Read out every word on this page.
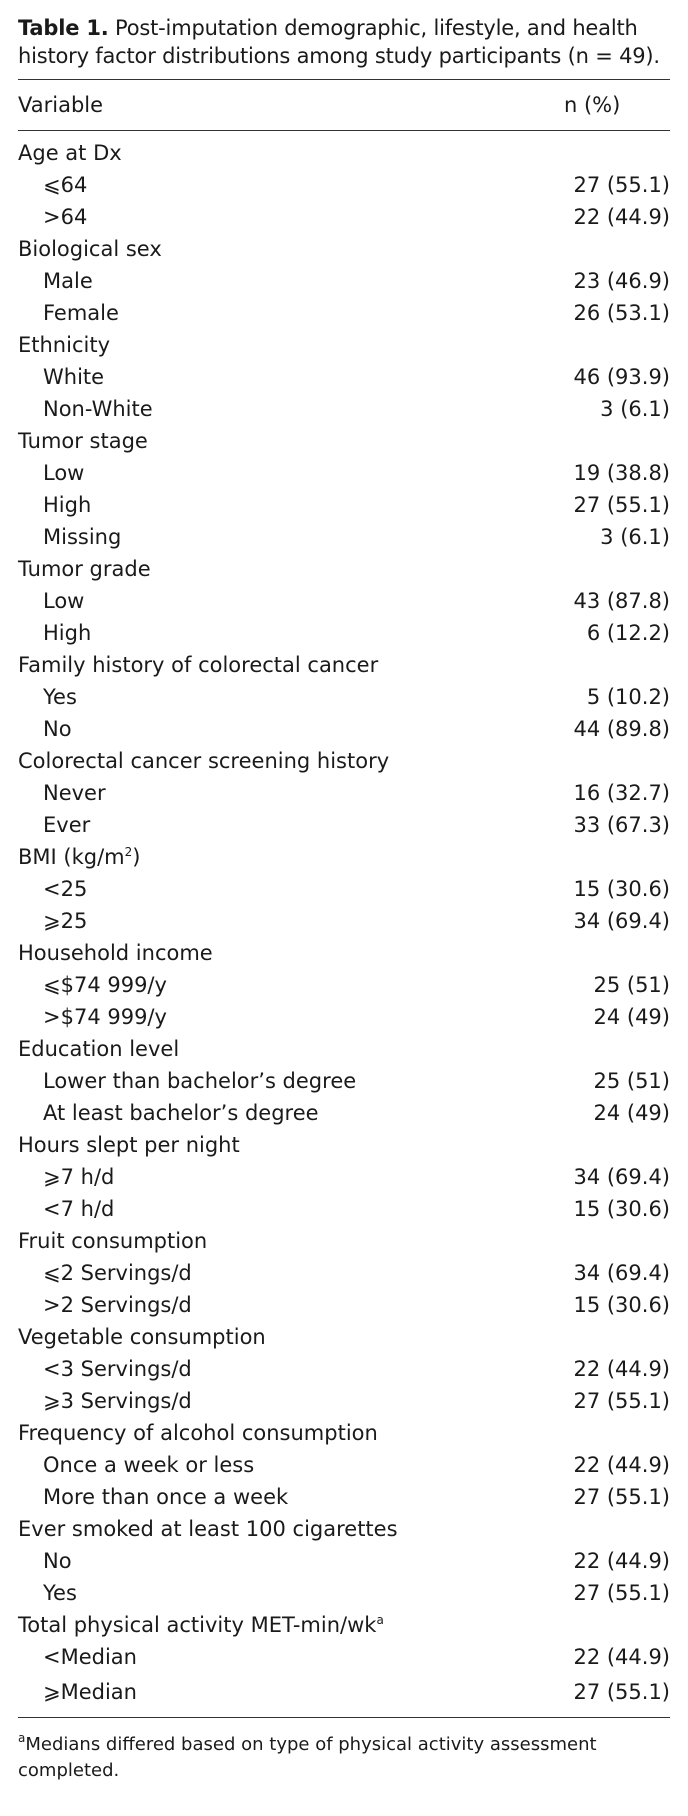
Table 1. Post-imputation demographic, lifestyle, and health history factor distributions among study participants (n = 49).
Variable	n (%)
Age at Dx	
⩽64	27 (55.1)
>64	22 (44.9)
Biological sex	
Male	23 (46.9)
Female	26 (53.1)
Ethnicity	
White	46 (93.9)
Non-White	3 (6.1)
Tumor stage	
Low	19 (38.8)
High	27 (55.1)
Missing	3 (6.1)
Tumor grade	
Low	43 (87.8)
High	6 (12.2)
Family history of colorectal cancer	
Yes	5 (10.2)
No	44 (89.8)
Colorectal cancer screening history	
Never	16 (32.7)
Ever	33 (67.3)
BMI $(kg/m^2)$	
<25	15 (30.6)
⩾25	34 (69.4)
Household income	
⩽$74 999/y	25 (51)
>$74 999/y	24 (49)
Education level	
Lower than bachelor’s degree	25 (51)
At least bachelor’s degree	24 (49)
Hours slept per night	
⩾7 h/d	34 (69.4)
<7 h/d	15 (30.6)
Fruit consumption	
⩽2 Servings/d	34 (69.4)
>2 Servings/d	15 (30.6)
Vegetable consumption	
<3 Servings/d	22 (44.9)
⩾3 Servings/d	27 (55.1)
Frequency of alcohol consumption	
Once a week or less	22 (44.9)
More than once a week	27 (55.1)
Ever smoked at least 100 cigarettes	
No	22 (44.9)
Yes	27 (55.1)
Total physical activity MET-$\min/wk^a$	
<Median	22 (44.9)
⩾Median	27 (55.1)
$^a$Medians differed based on type of physical activity assessment completed.
